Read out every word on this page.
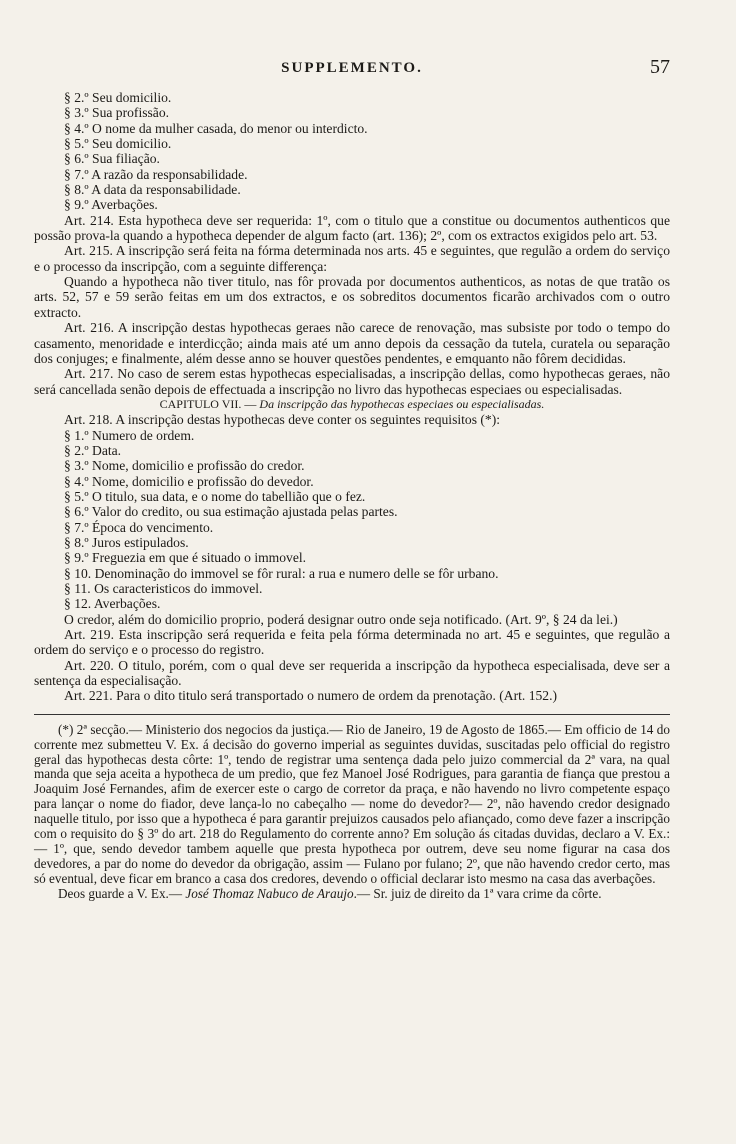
SUPPLEMENTO.	57

§ 2.º Seu domicilio.

§ 3.º Sua profissão.

§ 4.º O nome da mulher casada, do menor ou interdicto.

§ 5.º Seu domicilio.

§ 6.º Sua filiação.

§ 7.º A razão da responsabilidade.

§ 8.º A data da responsabilidade.

§ 9.º Averbações.

Art. 214. Esta hypotheca deve ser requerida: 1º, com o titulo que a constitue ou documentos authenticos que possão prova-la quando a hypotheca depender de algum facto (art. 136); 2º, com os extractos exigidos pelo art. 53.

Art. 215. A inscripção será feita na fórma determinada nos arts. 45 e seguintes, que regulão a ordem do serviço e o processo da inscripção, com a seguinte differença:

Quando a hypotheca não tiver titulo, nas fôr provada por documentos authenticos, as notas de que tratão os arts. 52, 57 e 59 serão feitas em um dos extractos, e os sobreditos documentos ficarão archivados com o outro extracto.

Art. 216. A inscripção destas hypothecas geraes não carece de renovação, mas subsiste por todo o tempo do casamento, menoridade e interdicção; ainda mais até um anno depois da cessação da tutela, curatela ou separação dos conjuges; e finalmente, além desse anno se houver questões pendentes, e emquanto não fôrem decididas.

Art. 217. No caso de serem estas hypothecas especialisadas, a inscripção dellas, como hypothecas geraes, não será cancellada senão depois de effectuada a inscripção no livro das hypothecas especiaes ou especialisadas.

CAPITULO VII. — Da inscripção das hypothecas especiaes ou especialisadas.

Art. 218. A inscripção destas hypothecas deve conter os seguintes requisitos (*):

§ 1.º Numero de ordem.

§ 2.º Data.

§ 3.º Nome, domicilio e profissão do credor.

§ 4.º Nome, domicilio e profissão do devedor.

§ 5.º O titulo, sua data, e o nome do tabellião que o fez.

§ 6.º Valor do credito, ou sua estimação ajustada pelas partes.

§ 7.º Época do vencimento.

§ 8.º Juros estipulados.

§ 9.º Freguezia em que é situado o immovel.

§ 10. Denominação do immovel se fôr rural: a rua e numero delle se fôr urbano.

§ 11. Os caracteristicos do immovel.

§ 12. Averbações.

O credor, além do domicilio proprio, poderá designar outro onde seja notificado. (Art. 9º, § 24 da lei.)

Art. 219. Esta inscripção será requerida e feita pela fórma determinada no art. 45 e seguintes, que regulão a ordem do serviço e o processo do registro.

Art. 220. O titulo, porém, com o qual deve ser requerida a inscripção da hypotheca especialisada, deve ser a sentença da especialisação.

Art. 221. Para o dito titulo será transportado o numero de ordem da prenotação. (Art. 152.)

(*) 2ª secção.— Ministerio dos negocios da justiça.— Rio de Janeiro, 19 de Agosto de 1865.— Em officio de 14 do corrente mez submetteu V. Ex. á decisão do governo imperial as seguintes duvidas, suscitadas pelo official do registro geral das hypothecas desta côrte: 1º, tendo de registrar uma sentença dada pelo juizo commercial da 2ª vara, na qual manda que seja aceita a hypotheca de um predio, que fez Manoel José Rodrigues, para garantia de fiança que prestou a Joaquim José Fernandes, afim de exercer este o cargo de corretor da praça, e não havendo no livro competente espaço para lançar o nome do fiador, deve lança-lo no cabeçalho — nome do devedor?— 2º, não havendo credor designado naquelle titulo, por isso que a hypotheca é para garantir prejuizos causados pelo afiançado, como deve fazer a inscripção com o requisito do § 3º do art. 218 do Regulamento do corrente anno? Em solução ás citadas duvidas, declaro a V. Ex.: — 1º, que, sendo devedor tambem aquelle que presta hypotheca por outrem, deve seu nome figurar na casa dos devedores, a par do nome do devedor da obrigação, assim — Fulano por fulano; 2º, que não havendo credor certo, mas só eventual, deve ficar em branco a casa dos credores, devendo o official declarar isto mesmo na casa das averbações.

Deos guarde a V. Ex.— José Thomaz Nabuco de Araujo.— Sr. juiz de direito da 1ª vara crime da côrte.
